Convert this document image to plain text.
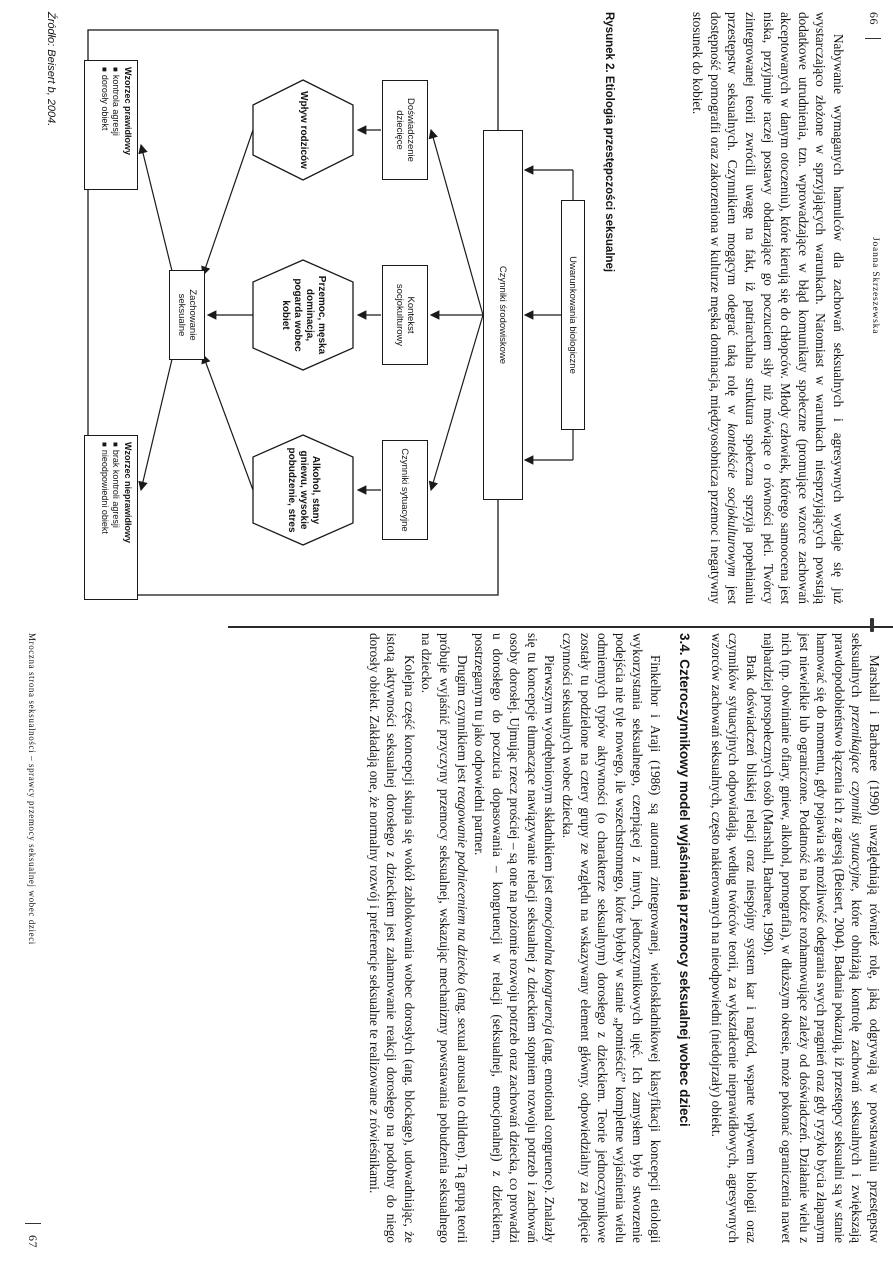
66
Joanna Skrzeszewska

Nabywanie wymaganych hamulców dla zachowań seksualnych i agresywnych wydaje się już wystarczająco złożone w sprzyjających warunkach. Natomiast w warunkach niesprzyjających powstają dodatkowe utrudnienia, tzn. wprowadzające w błąd komunikaty społeczne (promujące wzorce zachowań akceptowanych w danym otoczeniu), które kierują się do chłopców. Młody człowiek, którego samoocena jest niska, przyjmuje raczej postawy obdarzające go poczuciem siły niż mówiące o równości płci. Twórcy zintegrowanej teorii zwrócili uwagę na fakt, iż patriarchalna struktura społeczna sprzyja popełnianiu przestępstw seksualnych. Czynnikiem mogącym odegrać taką rolę w kontekście socjokulturowym jest dostępność pornografii oraz zakorzeniona w kulturze męska dominacja, międzyosobnicza przemoc i negatywny stosunek do kobiet.

Rysunek 2. Etiologia przestępczości seksualnej
Uwarunkowania biologiczne
Czynniki środowiskowe
Doświadczenie dziecięce
Kontekst socjokulturowy
Czynniki sytuacyjne
Wpływ rodziców
Przemoc, męska dominacja, pogarda wobec kobiet
Alkohol, stany gniewu, wysokie pobudzenie, stres
Zachowanie seksualne
Wzorzec prawidłowy
■ kontrola agresji
■ dorosły obiekt
Wzorzec nieprawidłowy
■ brak kontroli agresji
■ nieodpowiedni obiekt
Źródło: Beisert b, 2004.
Mroczna strona seksualności – sprawcy przemocy seksualnej wobec dzieci
67	Marshall i Barbaree (1990) uwzględniają również rolę, jaką odgrywają w powstawaniu przestępstw seksualnych przenikające czynniki sytuacyjne, które obniżają kontrolę zachowań seksualnych i zwiększają prawdopodobieństwo łączenia ich z agresją (Beisert, 2004). Badania pokazują, iż przestępcy seksualni są w stanie hamować się do momentu, gdy pojawia się możliwość odegrania swych pragnień oraz gdy ryzyko bycia złapanym jest niewielkie lub ograniczone. Podatność na bodźce rozhamowujące zależy od doświadczeń. Działanie wielu z nich (np. obwinianie ofiary, gniew, alkohol, pornografia), w dłuższym okresie, może pokonać ograniczenia nawet najbardziej prospołecznych osób (Marshall, Barbaree, 1990).

Brak doświadczeń bliskiej relacji oraz niespójny system kar i nagród, wsparte wpływem biologii oraz czynników sytuacyjnych odpowiadają, według twórców teorii, za wykształcenie nieprawidłowych, agresywnych wzorców zachowań seksualnych, często nakierowanych na nieodpowiedni (niedojrzały) obiekt.

3.4. Czteroczynnikowy model wyjaśniania przemocy seksualnej wobec dzieci

Finkelhor i Araji (1986) są autorami zintegrowanej, wieloskładnikowej klasyfikacji koncepcji etiologii wykorzystania seksualnego, czerpiącej z innych, jednoczynnikowych ujęć. Ich zamysłem było stworzenie podejścia nie tyle nowego, ile wszechstronnego, które byłoby w stanie „pomieścić” kompletne wyjaśnienia wielu odmiennych typów aktywności (o charakterze seksualnym) dorosłego z dzieckiem. Teorie jednoczynnikowe zostały tu podzielone na cztery grupy ze względu na wskazywany element główny, odpowiedzialny za podjęcie czynności seksualnych wobec dziecka.

Pierwszym wyodrębnionym składnikiem jest emocjonalna kongruencja (ang. emotional congruence). Znalazły się tu koncepcje tłumaczące nawiązywanie relacji seksualnej z dzieckiem stopniem rozwoju potrzeb i zachowań osoby dorosłej. Ujmując rzecz prościej – są one na poziomie rozwoju potrzeb oraz zachowań dziecka, co prowadzi u dorosłego do poczucia dopasowania – kongruencji w relacji (seksualnej, emocjonalnej) z dzieckiem, postrzeganym tu jako odpowiedni partner.

Drugim czynnikiem jest reagowanie podnieceniem na dziecko (ang. sexual arousal to children). Tą grupą teorii próbuje wyjaśnić przyczyny przemocy seksualnej, wskazując mechanizmy powstawania pobudzenia seksualnego na dziecko.

Kolejna część koncepcji skupia się wokół zablokowania wobec dorosłych (ang. blockage), udowadniając, że istotą aktywności seksualnej dorosłego z dzieckiem jest zahamowanie reakcji dorosłego na podobny do niego dorosły obiekt. Zakładają one, że normalny rozwój i preferencje seksualne te realizowane z rówieśnikami.
